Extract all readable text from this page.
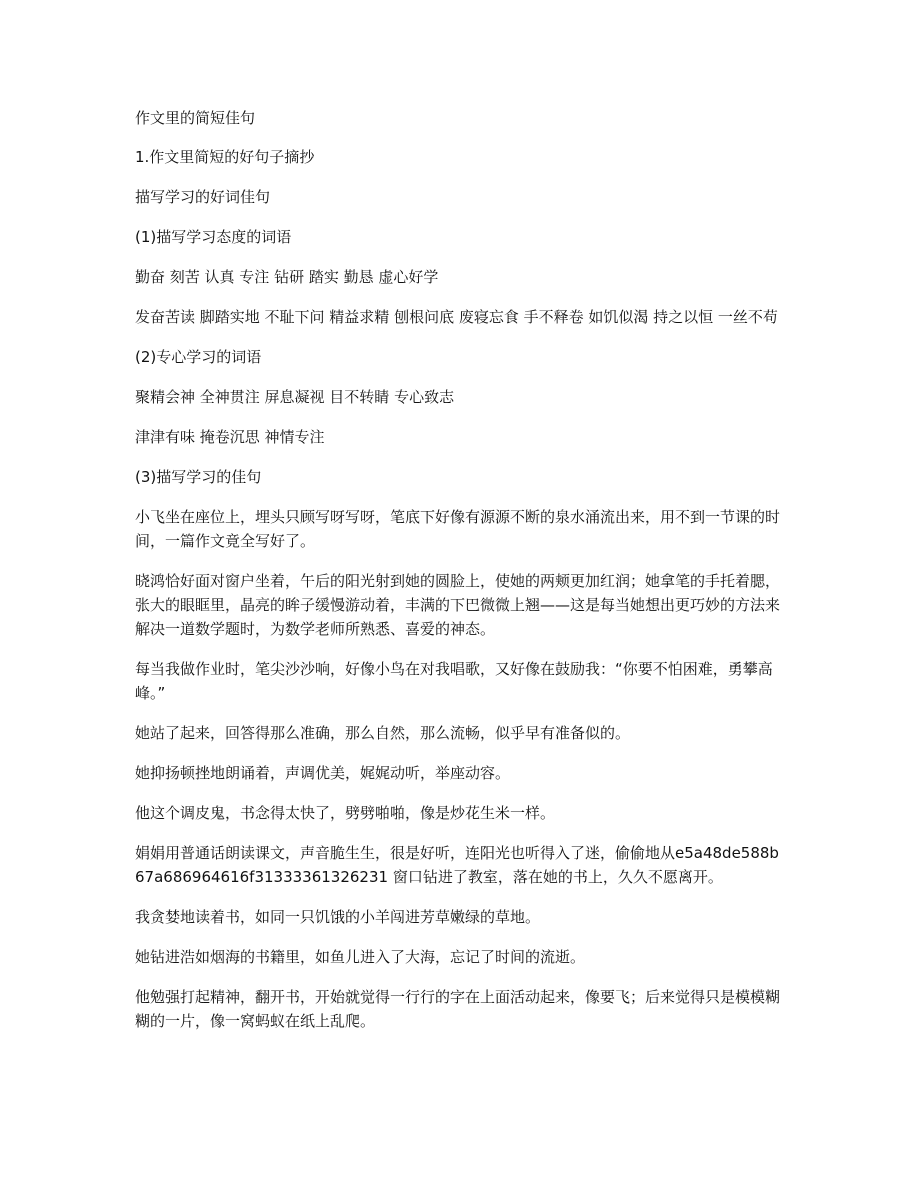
作文里的简短佳句

1.作文里简短的好句子摘抄

描写学习的好词佳句

(1)描写学习态度的词语

勤奋 刻苦 认真 专注 钻研 踏实 勤恳 虚心好学

发奋苦读 脚踏实地 不耻下问 精益求精 刨根问底 废寝忘食 手不释卷 如饥似渴 持之以恒 一丝不苟

(2)专心学习的词语

聚精会神 全神贯注 屏息凝视 目不转睛 专心致志

津津有味 掩卷沉思 神情专注

(3)描写学习的佳句

小飞坐在座位上，埋头只顾写呀写呀，笔底下好像有源源不断的泉水涌流出来，用不到一节课的时间，一篇作文竟全写好了。

晓鸿恰好面对窗户坐着，午后的阳光射到她的圆脸上，使她的两颊更加红润；她拿笔的手托着腮，张大的眼眶里，晶亮的眸子缓慢游动着，丰满的下巴微微上翘——这是每当她想出更巧妙的方法来解决一道数学题时，为数学老师所熟悉、喜爱的神态。

每当我做作业时，笔尖沙沙响，好像小鸟在对我唱歌，又好像在鼓励我：“你要不怕困难，勇攀高峰。”

她站了起来，回答得那么准确，那么自然，那么流畅，似乎早有准备似的。

她抑扬顿挫地朗诵着，声调优美，娓娓动听，举座动容。

他这个调皮鬼，书念得太快了，劈劈啪啪，像是炒花生米一样。

娟娟用普通话朗读课文，声音脆生生，很是好听，连阳光也听得入了迷，偷偷地从e5a48de588b67a686964616f31333361326231 窗口钻进了教室，落在她的书上，久久不愿离开。

我贪婪地读着书，如同一只饥饿的小羊闯进芳草嫩绿的草地。

她钻进浩如烟海的书籍里，如鱼儿进入了大海，忘记了时间的流逝。

他勉强打起精神，翻开书，开始就觉得一行行的字在上面活动起来，像要飞；后来觉得只是模模糊糊的一片，像一窝蚂蚁在纸上乱爬。
